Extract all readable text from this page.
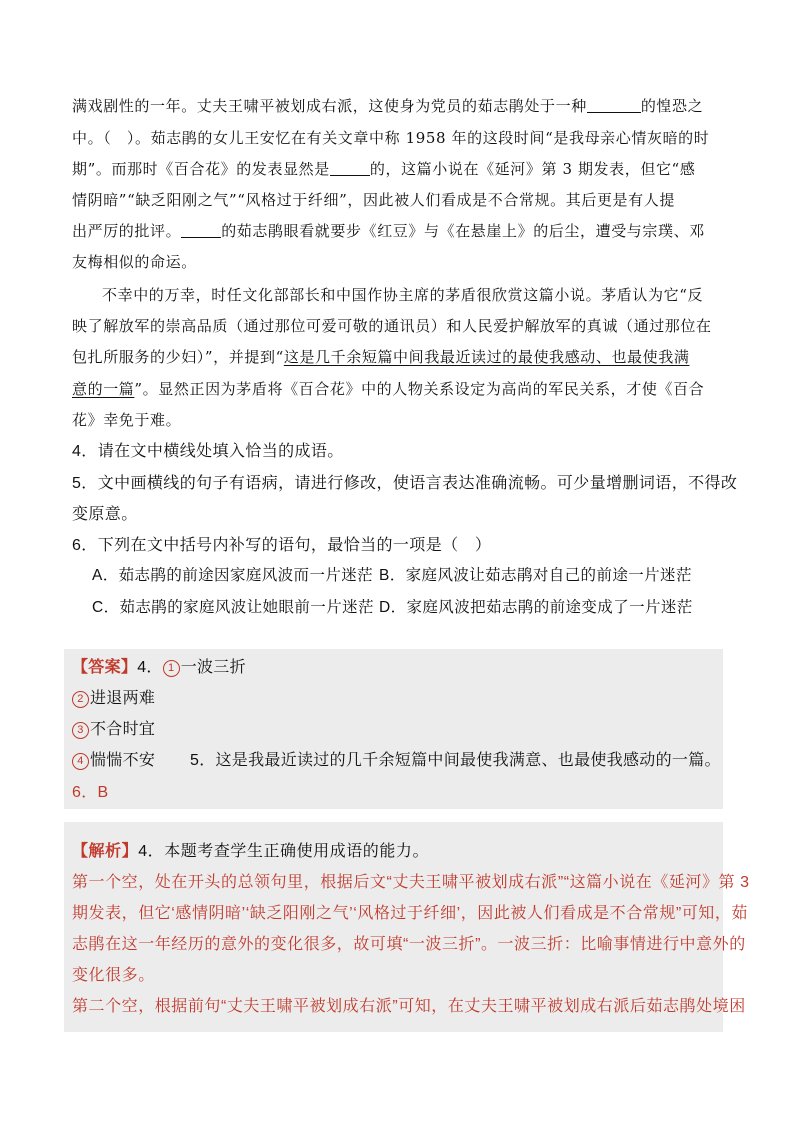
满戏剧性的一年。丈夫王啸平被划成右派，这使身为党员的茹志鹃处于一种	的惶恐之
中。（　）。茹志鹃的女儿王安忆在有关文章中称 1958 年的这段时间“是我母亲心情灰暗的时
期”。而那时《百合花》的发表显然是	的，这篇小说在《延河》第 3 期发表，但它“感
情阴暗”“缺乏阳刚之气”“风格过于纤细”，因此被人们看成是不合常规。其后更是有人提
出严厉的批评。	的茹志鹃眼看就要步《红豆》与《在悬崖上》的后尘，遭受与宗璞、邓
友梅相似的命运。
不幸中的万幸，时任文化部部长和中国作协主席的茅盾很欣赏这篇小说。茅盾认为它“反
映了解放军的崇高品质（通过那位可爱可敬的通讯员）和人民爱护解放军的真诚（通过那位在
包扎所服务的少妇）”，并提到“这是几千余短篇中间我最近读过的最使我感动、也最使我满
意的一篇”。显然正因为茅盾将《百合花》中的人物关系设定为高尚的军民关系，才使《百合
花》幸免于难。
4．请在文中横线处填入恰当的成语。
5．文中画横线的句子有语病，请进行修改，使语言表达准确流畅。可少量增删词语，不得改
变原意。
6．下列在文中括号内补写的语句，最恰当的一项是（　）
A．茹志鹃的前途因家庭风波而一片迷茫 B．家庭风波让茹志鹃对自己的前途一片迷茫
C．茹志鹃的家庭风波让她眼前一片迷茫 D．家庭风波把茹志鹃的前途变成了一片迷茫
【答案】4． 1 一波三折
2 进退两难
3 不合时宜
4 惴惴不安 5．这是我最近读过的几千余短篇中间最使我满意、也最使我感动的一篇。
6．B
【解析】4．本题考查学生正确使用成语的能力。
第一个空，处在开头的总领句里，根据后文“丈夫王啸平被划成右派”“这篇小说在《延河》第 3
期发表，但它‘感情阴暗’‘缺乏阳刚之气’‘风格过于纤细’，因此被人们看成是不合常规”可知，茹
志鹃在这一年经历的意外的变化很多，故可填“一波三折”。一波三折：比喻事情进行中意外的
变化很多。
第二个空，根据前句“丈夫王啸平被划成右派”可知，在丈夫王啸平被划成右派后茹志鹃处境困
